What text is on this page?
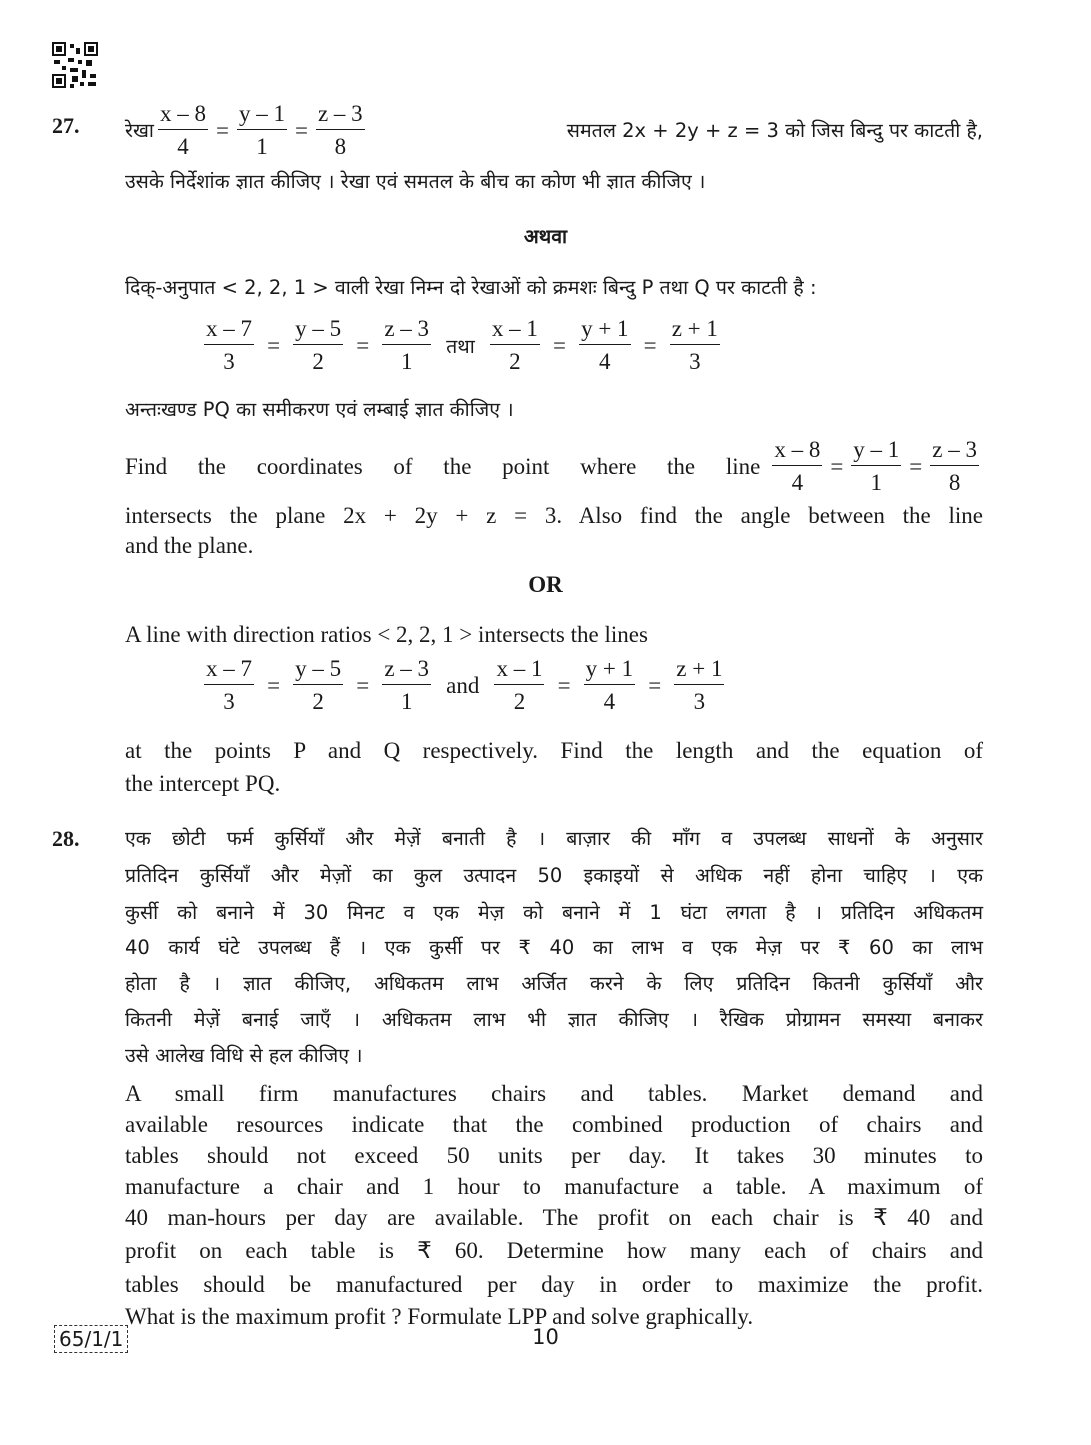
27. रेखा $\frac{x - 8}{4} = \frac{y - 1}{1} = \frac{z - 3}{8}$	समतल 2x + 2y + z = 3 को जिस बिन्दु पर काटती है,
उसके निर्देशांक ज्ञात कीजिए । रेखा एवं समतल के बीच का कोण भी ज्ञात कीजिए ।
अथवा
दिक्-अनुपात < 2, 2, 1 > वाली रेखा निम्न दो रेखाओं को क्रमशः बिन्दु P तथा Q पर काटती है :
$\frac{x - 7}{3} = \frac{y - 5}{2} = \frac{z - 3}{1}$ तथा $\frac{x - 1}{2} = \frac{y + 1}{4} = \frac{z + 1}{3}$
अन्तःखण्ड PQ का समीकरण एवं लम्बाई ज्ञात कीजिए ।
Find the coordinates of the point where the line $\frac{x - 8}{4} = \frac{y - 1}{1} = \frac{z - 3}{8}$
intersects the plane 2x + 2y + z = 3. Also find the angle between the line
and the plane.
OR
A line with direction ratios < 2, 2, 1 > intersects the lines
$\frac{x - 7}{3} = \frac{y - 5}{2} = \frac{z - 3}{1}$ and $\frac{x - 1}{2} = \frac{y + 1}{4} = \frac{z + 1}{3}$
at the points P and Q respectively. Find the length and the equation of
the intercept PQ.
28. एक छोटी फर्म कुर्सियाँ और मेज़ें बनाती है । बाज़ार की माँग व उपलब्ध साधनों के अनुसार
प्रतिदिन कुर्सियाँ और मेज़ों का कुल उत्पादन 50 इकाइयों से अधिक नहीं होना चाहिए । एक
कुर्सी को बनाने में 30 मिनट व एक मेज़ को बनाने में 1 घंटा लगता है । प्रतिदिन अधिकतम
40 कार्य घंटे उपलब्ध हैं । एक कुर्सी पर ₹ 40 का लाभ व एक मेज़ पर ₹ 60 का लाभ
होता है । ज्ञात कीजिए, अधिकतम लाभ अर्जित करने के लिए प्रतिदिन कितनी कुर्सियाँ और
कितनी मेज़ें बनाई जाएँ । अधिकतम लाभ भी ज्ञात कीजिए । रैखिक प्रोग्रामन समस्या बनाकर
उसे आलेख विधि से हल कीजिए ।
A small firm manufactures chairs and tables. Market demand and
available resources indicate that the combined production of chairs and
tables should not exceed 50 units per day. It takes 30 minutes to
manufacture a chair and 1 hour to manufacture a table. A maximum of
40 man-hours per day are available. The profit on each chair is ₹ 40 and
profit on each table is ₹ 60. Determine how many each of chairs and
tables should be manufactured per day in order to maximize the profit.
What is the maximum profit ? Formulate LPP and solve graphically.
65/1/1	10
